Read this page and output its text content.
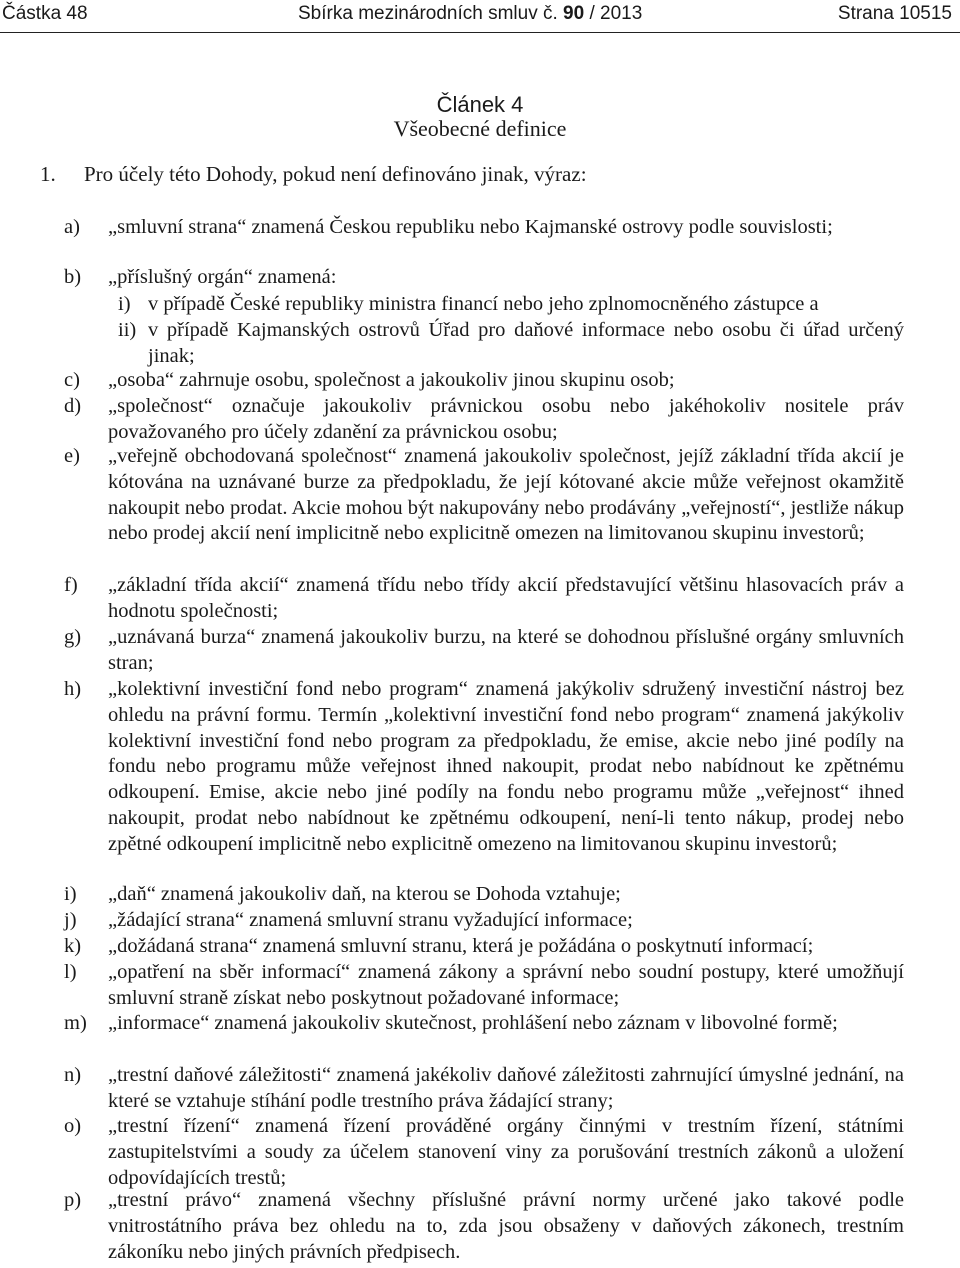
Částka 48	Sbírka mezinárodních smluv č. 90 / 2013	Strana 10515
Článek 4
Všeobecné definice
1. Pro účely této Dohody, pokud není definováno jinak, výraz:
a)	„smluvní strana“ znamená Českou republiku nebo Kajmanské ostrovy podle souvislosti;
b)	„příslušný orgán“ znamená:
i) v případě České republiky ministra financí nebo jeho zplnomocněného zástupce a
ii) v případě Kajmanských ostrovů Úřad pro daňové informace nebo osobu či úřad určený jinak;
c)	„osoba“ zahrnuje osobu, společnost a jakoukoliv jinou skupinu osob;
d)	„společnost“ označuje jakoukoliv právnickou osobu nebo jakéhokoliv nositele práv považovaného pro účely zdanění za právnickou osobu;
e)	„veřejně obchodovaná společnost“ znamená jakoukoliv společnost, jejíž základní třída akcií je kótována na uznávané burze za předpokladu, že její kótované akcie může veřejnost okamžitě nakoupit nebo prodat. Akcie mohou být nakupovány nebo prodávány „veřejností“, jestliže nákup nebo prodej akcií není implicitně nebo explicitně omezen na limitovanou skupinu investorů;
f)	„základní třída akcií“ znamená třídu nebo třídy akcií představující většinu hlasovacích práv a hodnotu společnosti;
g)	„uznávaná burza“ znamená jakoukoliv burzu, na které se dohodnou příslušné orgány smluvních stran;
h)	„kolektivní investiční fond nebo program“ znamená jakýkoliv sdružený investiční nástroj bez ohledu na právní formu. Termín „kolektivní investiční fond nebo program“ znamená jakýkoliv kolektivní investiční fond nebo program za předpokladu, že emise, akcie nebo jiné podíly na fondu nebo programu může veřejnost ihned nakoupit, prodat nebo nabídnout ke zpětnému odkoupení. Emise, akcie nebo jiné podíly na fondu nebo programu může „veřejnost“ ihned nakoupit, prodat nebo nabídnout ke zpětnému odkoupení, není-li tento nákup, prodej nebo zpětné odkoupení implicitně nebo explicitně omezeno na limitovanou skupinu investorů;
i)	„daň“ znamená jakoukoliv daň, na kterou se Dohoda vztahuje;
j)	„žádající strana“ znamená smluvní stranu vyžadující informace;
k)	„dožádaná strana“ znamená smluvní stranu, která je požádána o poskytnutí informací;
l)	„opatření na sběr informací“ znamená zákony a správní nebo soudní postupy, které umožňují smluvní straně získat nebo poskytnout požadované informace;
m)	„informace“ znamená jakoukoliv skutečnost, prohlášení nebo záznam v libovolné formě;
n)	„trestní daňové záležitosti“ znamená jakékoliv daňové záležitosti zahrnující úmyslné jednání, na které se vztahuje stíhání podle trestního práva žádající strany;
o)	„trestní řízení“ znamená řízení prováděné orgány činnými v trestním řízení, státními zastupitelstvími a soudy za účelem stanovení viny za porušování trestních zákonů a uložení odpovídajících trestů;
p)	„trestní právo“ znamená všechny příslušné právní normy určené jako takové podle vnitrostátního práva bez ohledu na to, zda jsou obsaženy v daňových zákonech, trestním zákoníku nebo jiných právních předpisech.
